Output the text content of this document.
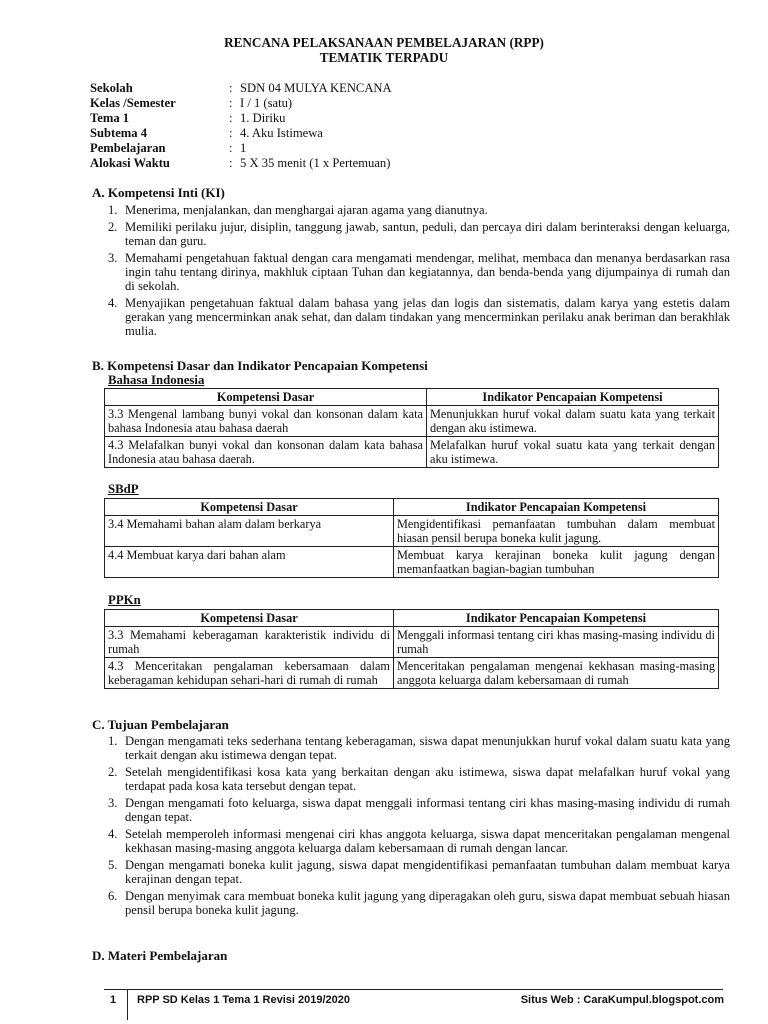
RENCANA PELAKSANAAN PEMBELAJARAN (RPP)
TEMATIK TERPADU
Sekolah	: SDN 04 MULYA KENCANA
Kelas /Semester	: I / 1 (satu)
Tema 1	: 1. Diriku
Subtema 4	: 4. Aku Istimewa
Pembelajaran	: 1
Alokasi Waktu	: 5 X 35 menit (1 x Pertemuan)
A. Kompetensi Inti (KI)
1. Menerima, menjalankan, dan menghargai ajaran agama yang dianutnya.
2. Memiliki perilaku jujur, disiplin, tanggung jawab, santun, peduli, dan percaya diri dalam berinteraksi dengan keluarga, teman dan guru.
3. Memahami pengetahuan faktual dengan cara mengamati mendengar, melihat, membaca dan menanya berdasarkan rasa ingin tahu tentang dirinya, makhluk ciptaan Tuhan dan kegiatannya, dan benda-benda yang dijumpainya di rumah dan di sekolah.
4. Menyajikan pengetahuan faktual dalam bahasa yang jelas dan logis dan sistematis, dalam karya yang estetis dalam gerakan yang mencerminkan anak sehat, dan dalam tindakan yang mencerminkan perilaku anak beriman dan berakhlak mulia.
B. Kompetensi Dasar dan Indikator Pencapaian Kompetensi
Bahasa Indonesia
Kompetensi Dasar	Indikator Pencapaian Kompetensi
3.3 Mengenal lambang bunyi vokal dan konsonan dalam kata bahasa Indonesia atau bahasa daerah	Menunjukkan huruf vokal dalam suatu kata yang terkait dengan aku istimewa.
4.3 Melafalkan bunyi vokal dan konsonan dalam kata bahasa Indonesia atau bahasa daerah.	Melafalkan huruf vokal suatu kata yang terkait dengan aku istimewa.
SBdP
Kompetensi Dasar	Indikator Pencapaian Kompetensi
3.4 Memahami bahan alam dalam berkarya	Mengidentifikasi pemanfaatan tumbuhan dalam membuat hiasan pensil berupa boneka kulit jagung.
4.4 Membuat karya dari bahan alam	Membuat karya kerajinan boneka kulit jagung dengan memanfaatkan bagian-bagian tumbuhan
PPKn
Kompetensi Dasar	Indikator Pencapaian Kompetensi
3.3 Memahami keberagaman karakteristik individu di rumah	Menggali informasi tentang ciri khas masing-masing individu di rumah
4.3 Menceritakan pengalaman kebersamaan dalam keberagaman kehidupan sehari-hari di rumah di rumah	Menceritakan pengalaman mengenai kekhasan masing-masing anggota keluarga dalam kebersamaan di rumah
C. Tujuan Pembelajaran
1. Dengan mengamati teks sederhana tentang keberagaman, siswa dapat menunjukkan huruf vokal dalam suatu kata yang terkait dengan aku istimewa dengan tepat.
2. Setelah mengidentifikasi kosa kata yang berkaitan dengan aku istimewa, siswa dapat melafalkan huruf vokal yang terdapat pada kosa kata tersebut dengan tepat.
3. Dengan mengamati foto keluarga, siswa dapat menggali informasi tentang ciri khas masing-masing individu di rumah dengan tepat.
4. Setelah memperoleh informasi mengenai ciri khas anggota keluarga, siswa dapat menceritakan pengalaman mengenal kekhasan masing-masing anggota keluarga dalam kebersamaan di rumah dengan lancar.
5. Dengan mengamati boneka kulit jagung, siswa dapat mengidentifikasi pemanfaatan tumbuhan dalam membuat karya kerajinan dengan tepat.
6. Dengan menyimak cara membuat boneka kulit jagung yang diperagakan oleh guru, siswa dapat membuat sebuah hiasan pensil berupa boneka kulit jagung.
D. Materi Pembelajaran
1 RPP SD Kelas 1 Tema 1 Revisi 2019/2020	Situs Web : CaraKumpul.blogspot.com
